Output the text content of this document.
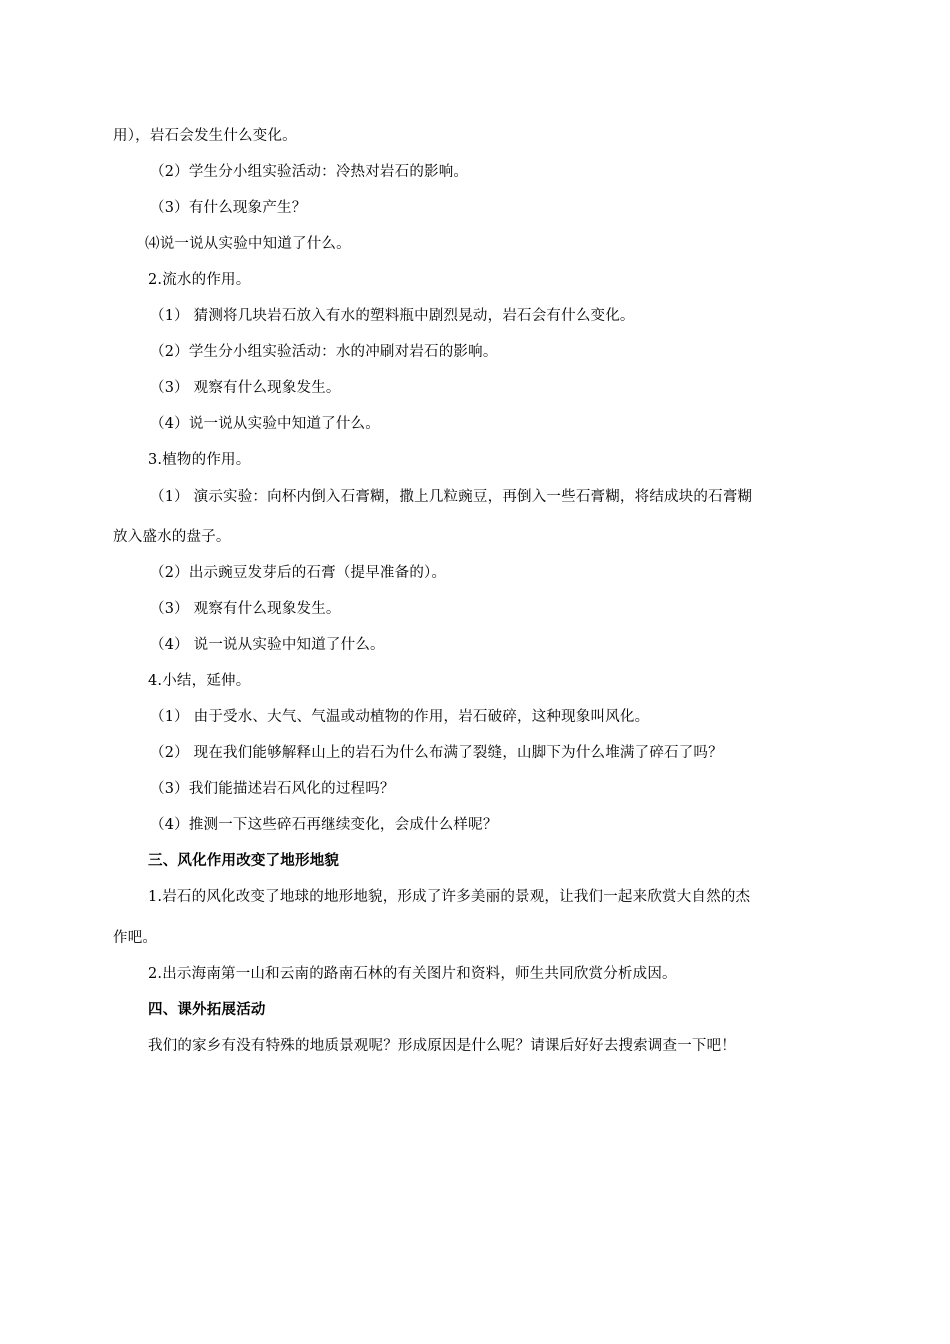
用），岩石会发生什么变化。
（2）学生分小组实验活动：冷热对岩石的影响。
（3）有什么现象产生？
⑷说一说从实验中知道了什么。
2.流水的作用。
（1） 猜测将几块岩石放入有水的塑料瓶中剧烈晃动，岩石会有什么变化。
（2）学生分小组实验活动：水的冲刷对岩石的影响。
（3） 观察有什么现象发生。
（4）说一说从实验中知道了什么。
3.植物的作用。
（1） 演示实验：向杯内倒入石膏糊，撒上几粒豌豆，再倒入一些石膏糊，将结成块的石膏糊
放入盛水的盘子。
（2）出示豌豆发芽后的石膏（提早准备的）。
（3） 观察有什么现象发生。
（4） 说一说从实验中知道了什么。
4.小结，延伸。
（1） 由于受水、大气、气温或动植物的作用，岩石破碎，这种现象叫风化。
（2） 现在我们能够解释山上的岩石为什么布满了裂缝，山脚下为什么堆满了碎石了吗？
（3）我们能描述岩石风化的过程吗？
（4）推测一下这些碎石再继续变化，会成什么样呢？
三、风化作用改变了地形地貌
1.岩石的风化改变了地球的地形地貌，形成了许多美丽的景观，让我们一起来欣赏大自然的杰
作吧。
2.出示海南第一山和云南的路南石林的有关图片和资料，师生共同欣赏分析成因。
四、课外拓展活动
我们的家乡有没有特殊的地质景观呢？形成原因是什么呢？请课后好好去搜索调查一下吧！
